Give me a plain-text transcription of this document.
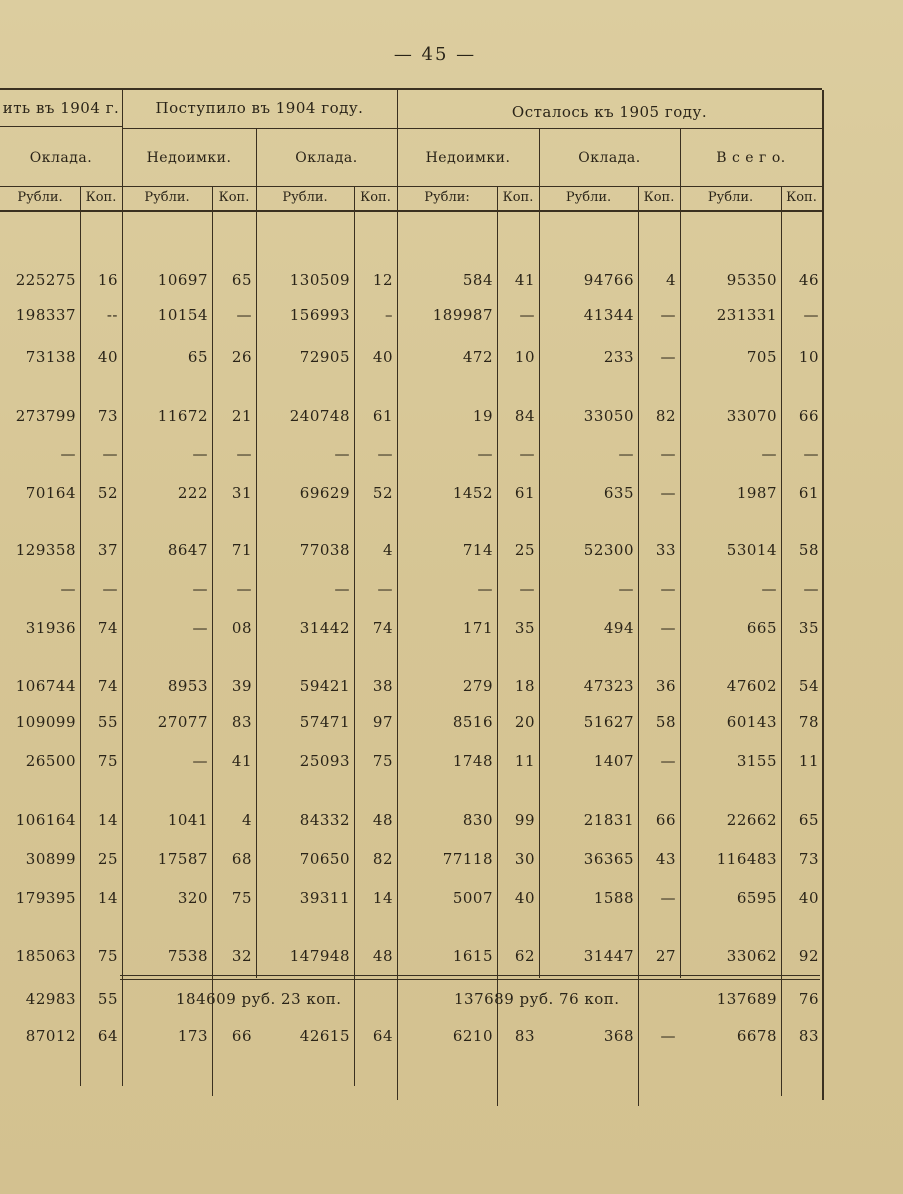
— 45 —
ить въ 1904 г.	Поступило въ 1904 году.	Осталось къ 1905 году.
Оклада.	Недоимки.	Оклада.	Недоимки.	Оклада.	В с е г о.
Рубли.	Коп.	Рубли.	Коп.	Рубли.	Коп.	Рубли:	Коп.	Рубли.	Коп.	Рубли.	Коп.
225275	16	10697	65	130509	12	584	41	94766	4	95350	46
198337	--	10154	—	156993	–	189987	—	41344	—	231331	—
73138	40	65	26	72905	40	472	10	233	—	705	10
273799	73	11672	21	240748	61	19	84	33050	82	33070	66
—	—	—	—	—	—	—	—	—	—	—	—
70164	52	222	31	69629	52	1452	61	635	—	1987	61
129358	37	8647	71	77038	4	714	25	52300	33	53014	58
—	—	—	—	—	—	—	—	—	—	—	—
31936	74	—	08	31442	74	171	35	494	—	665	35
106744	74	8953	39	59421	38	279	18	47323	36	47602	54
109099	55	27077	83	57471	97	8516	20	51627	58	60143	78
26500	75	—	41	25093	75	1748	11	1407	—	3155	11
106164	14	1041	4	84332	48	830	99	21831	66	22662	65
30899	25	17587	68	70650	82	77118	30	36365	43	116483	73
179395	14	320	75	39311	14	5007	40	1588	—	6595	40
185063	75	7538	32	147948	48	1615	62	31447	27	33062	92
42983	55	184609 руб. 23 коп.	137689 руб. 76 коп.	137689	76
87012	64	173	66	42615	64	6210	83	368	—	6678	83
